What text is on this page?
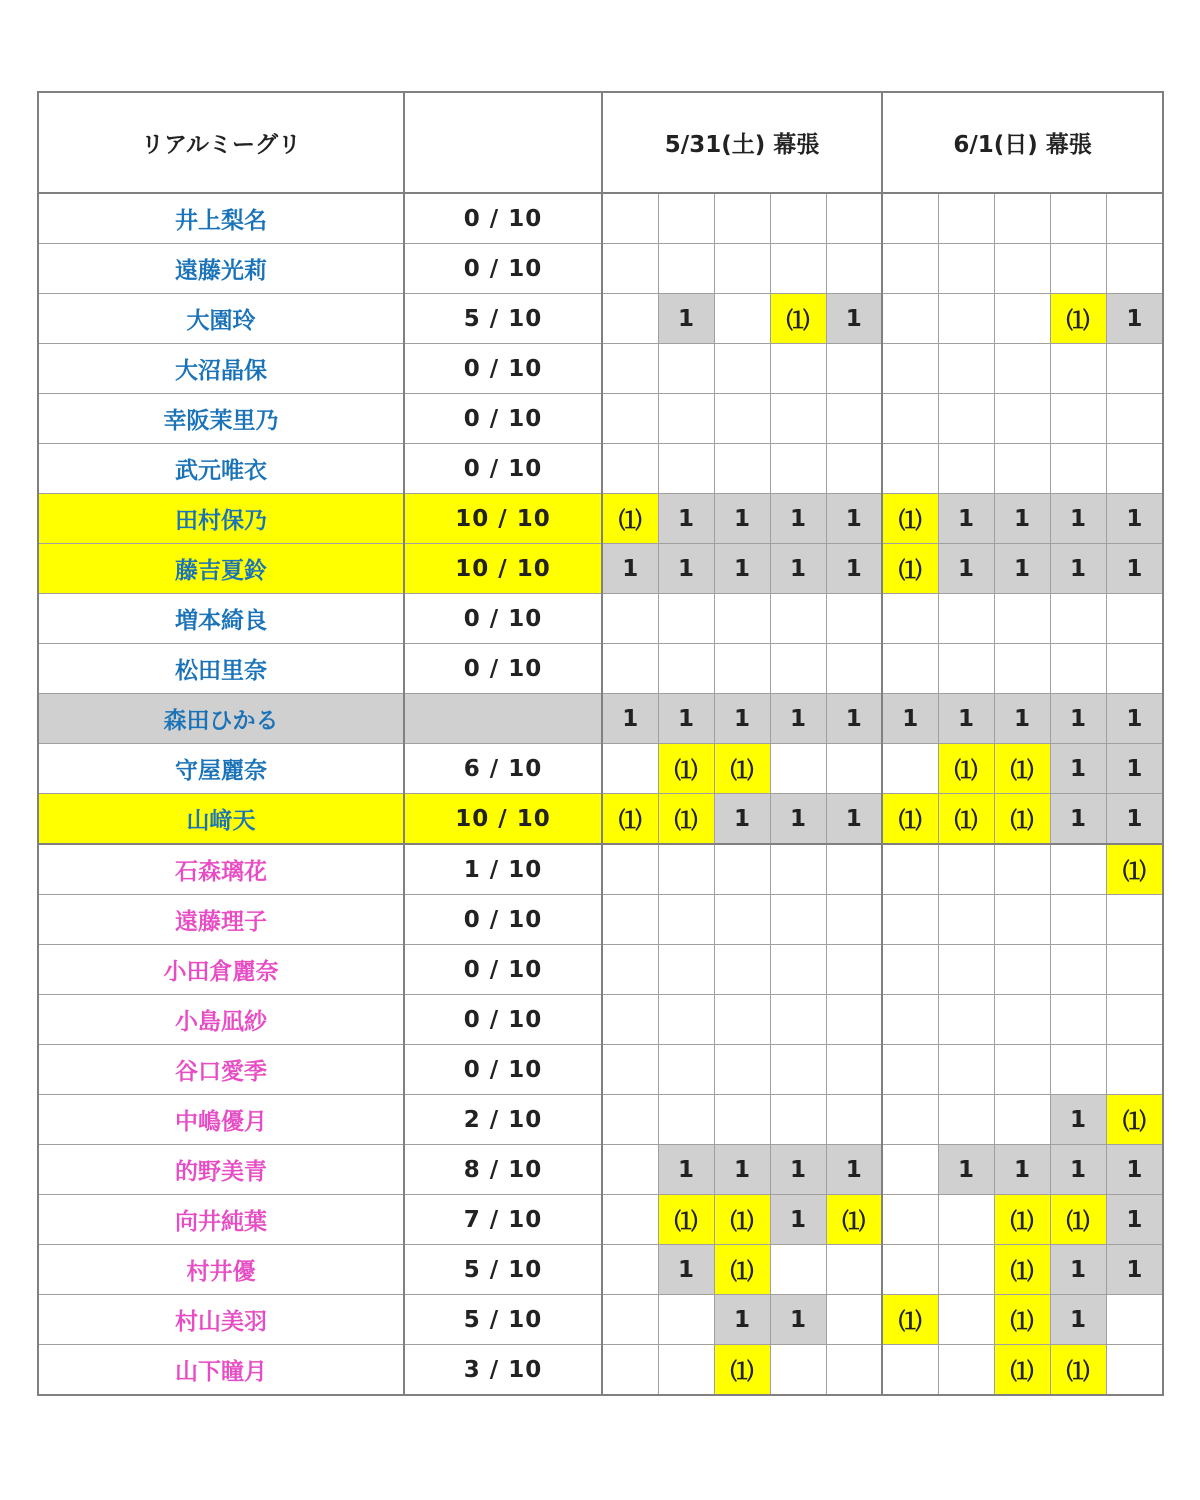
リアルミーグリ		5/31(土) 幕張					6/1(日) 幕張				
井上梨名	0 / 10										
遠藤光莉	0 / 10										
大園玲	5 / 10		1		⑴	1				⑴	1
大沼晶保	0 / 10										
幸阪茉里乃	0 / 10										
武元唯衣	0 / 10										
田村保乃	10 / 10	⑴	1	1	1	1	⑴	1	1	1	1
藤吉夏鈴	10 / 10	1	1	1	1	1	⑴	1	1	1	1
増本綺良	0 / 10										
松田里奈	0 / 10										
森田ひかる		1	1	1	1	1	1	1	1	1	1
守屋麗奈	6 / 10		⑴	⑴				⑴	⑴	1	1
山﨑天	10 / 10	⑴	⑴	1	1	1	⑴	⑴	⑴	1	1
石森璃花	1 / 10										⑴
遠藤理子	0 / 10										
小田倉麗奈	0 / 10										
小島凪紗	0 / 10										
谷口愛季	0 / 10										
中嶋優月	2 / 10									1	⑴
的野美青	8 / 10		1	1	1	1		1	1	1	1
向井純葉	7 / 10		⑴	⑴	1	⑴			⑴	⑴	1
村井優	5 / 10		1	⑴					⑴	1	1
村山美羽	5 / 10			1	1		⑴		⑴	1	
山下瞳月	3 / 10			⑴					⑴	⑴	
